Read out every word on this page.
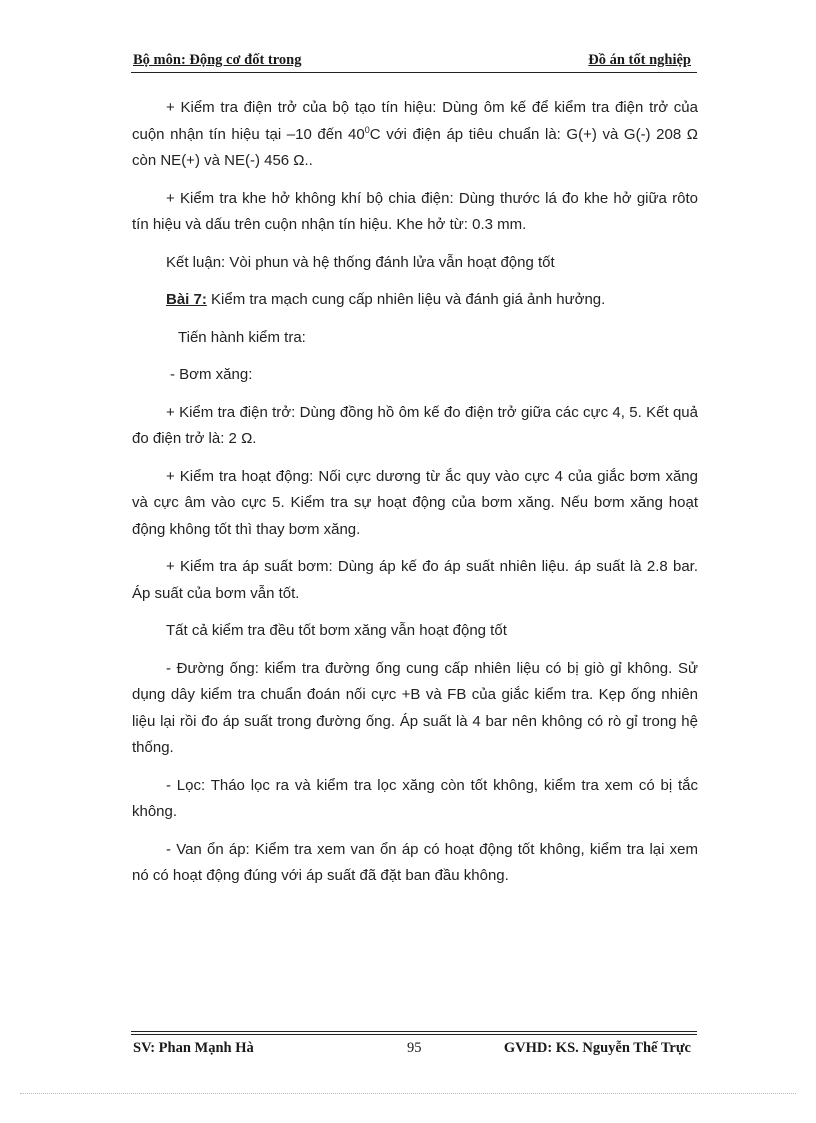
Bộ môn: Động cơ đốt trong	Đồ án tốt nghiệp

+ Kiểm tra điện trở của bộ tạo tín hiệu: Dùng ôm kế để kiểm tra điện trở của cuộn nhận tín hiệu tại –10 đến $40^0C$ với điện áp tiêu chuẩn là: G(+) và G(-) 208 Ω còn NE(+) và NE(-) 456 Ω..

+ Kiểm tra khe hở không khí bộ chia điện: Dùng thước lá đo khe hở giữa rôto tín hiệu và dấu trên cuộn nhận tín hiệu. Khe hở từ: 0.3 mm.

Kết luận: Vòi phun và hệ thống đánh lửa vẫn hoạt động tốt

Bài 7: Kiểm tra mạch cung cấp nhiên liệu và đánh giá ảnh hưởng.

Tiến hành kiểm tra:

- Bơm xăng:

+ Kiểm tra điện trở: Dùng đồng hồ ôm kế đo điện trở giữa các cực 4, 5. Kết quả đo điện trở là: 2 Ω.

+ Kiểm tra hoạt động: Nối cực dương từ ắc quy vào cực 4 của giắc bơm xăng và cực âm vào cực 5. Kiểm tra sự hoạt động của bơm xăng. Nếu bơm xăng hoạt động không tốt thì thay bơm xăng.

+ Kiểm tra áp suất bơm: Dùng áp kế đo áp suất nhiên liệu. áp suất là 2.8 bar. Áp suất của bơm vẫn tốt.

Tất cả kiểm tra đều tốt bơm xăng vẫn hoạt động tốt

- Đường ống: kiểm tra đường ống cung cấp nhiên liệu có bị giò gỉ không. Sử dụng dây kiểm tra chuẩn đoán nối cực +B và FB của giắc kiểm tra. Kẹp ống nhiên liệu lại rồi đo áp suất trong đường ống. Áp suất là 4 bar nên không có rò gỉ trong hệ thống.

- Lọc: Tháo lọc ra và kiểm tra lọc xăng còn tốt không, kiểm tra xem có bị tắc không.

- Van ổn áp: Kiểm tra xem van ổn áp có hoạt động tốt không, kiểm tra lại xem nó có hoạt động đúng với áp suất đã đặt ban đầu không.

SV: Phan Mạnh Hà	95	GVHD: KS. Nguyễn Thế Trực
